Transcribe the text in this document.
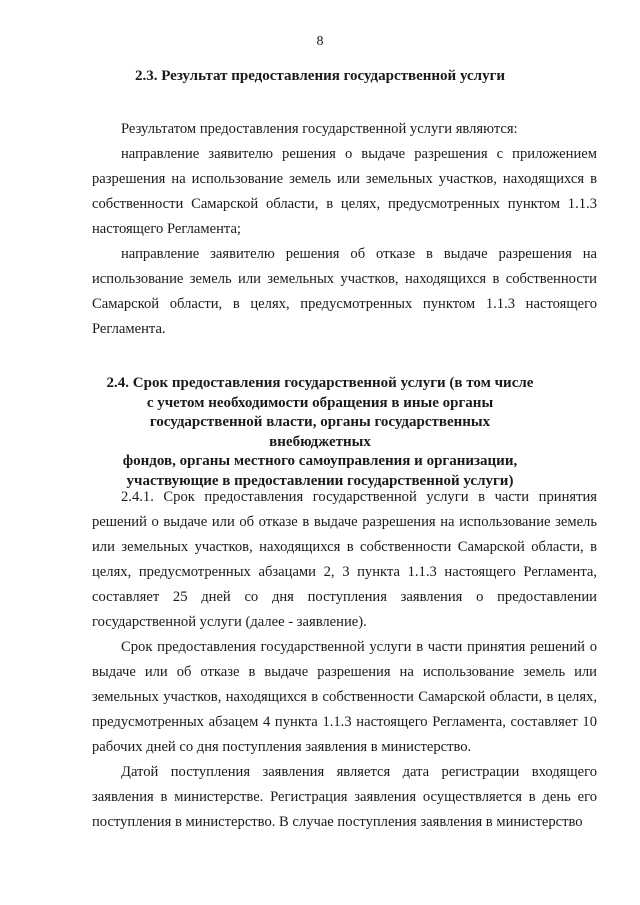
8
2.3. Результат предоставления государственной услуги

Результатом предоставления государственной услуги являются:

направление заявителю решения о выдаче разрешения с приложением разрешения на использование земель или земельных участков, находящихся в собственности Самарской области, в целях, предусмотренных пунктом 1.1.3 настоящего Регламента;

направление заявителю решения об отказе в выдаче разрешения на использование земель или земельных участков, находящихся в собственности Самарской области, в целях, предусмотренных пунктом 1.1.3 настоящего Регламента.

2.4. Срок предоставления государственной услуги (в том числе
с учетом необходимости обращения в иные органы
государственной власти, органы государственных внебюджетных
фондов, органы местного самоуправления и организации,
участвующие в предоставлении государственной услуги)

2.4.1. Срок предоставления государственной услуги в части принятия решений о выдаче или об отказе в выдаче разрешения на использование земель или земельных участков, находящихся в собственности Самарской области, в целях, предусмотренных абзацами 2, 3 пункта 1.1.3 настоящего Регламента, составляет 25 дней со дня поступления заявления о предоставлении государственной услуги (далее - заявление).

Срок предоставления государственной услуги в части принятия решений о выдаче или об отказе в выдаче разрешения на использование земель или земельных участков, находящихся в собственности Самарской области, в целях, предусмотренных абзацем 4 пункта 1.1.3 настоящего Регламента, составляет 10 рабочих дней со дня поступления заявления в министерство.

Датой поступления заявления является дата регистрации входящего заявления в министерстве. Регистрация заявления осуществляется в день его поступления в министерство. В случае поступления заявления в министерство
